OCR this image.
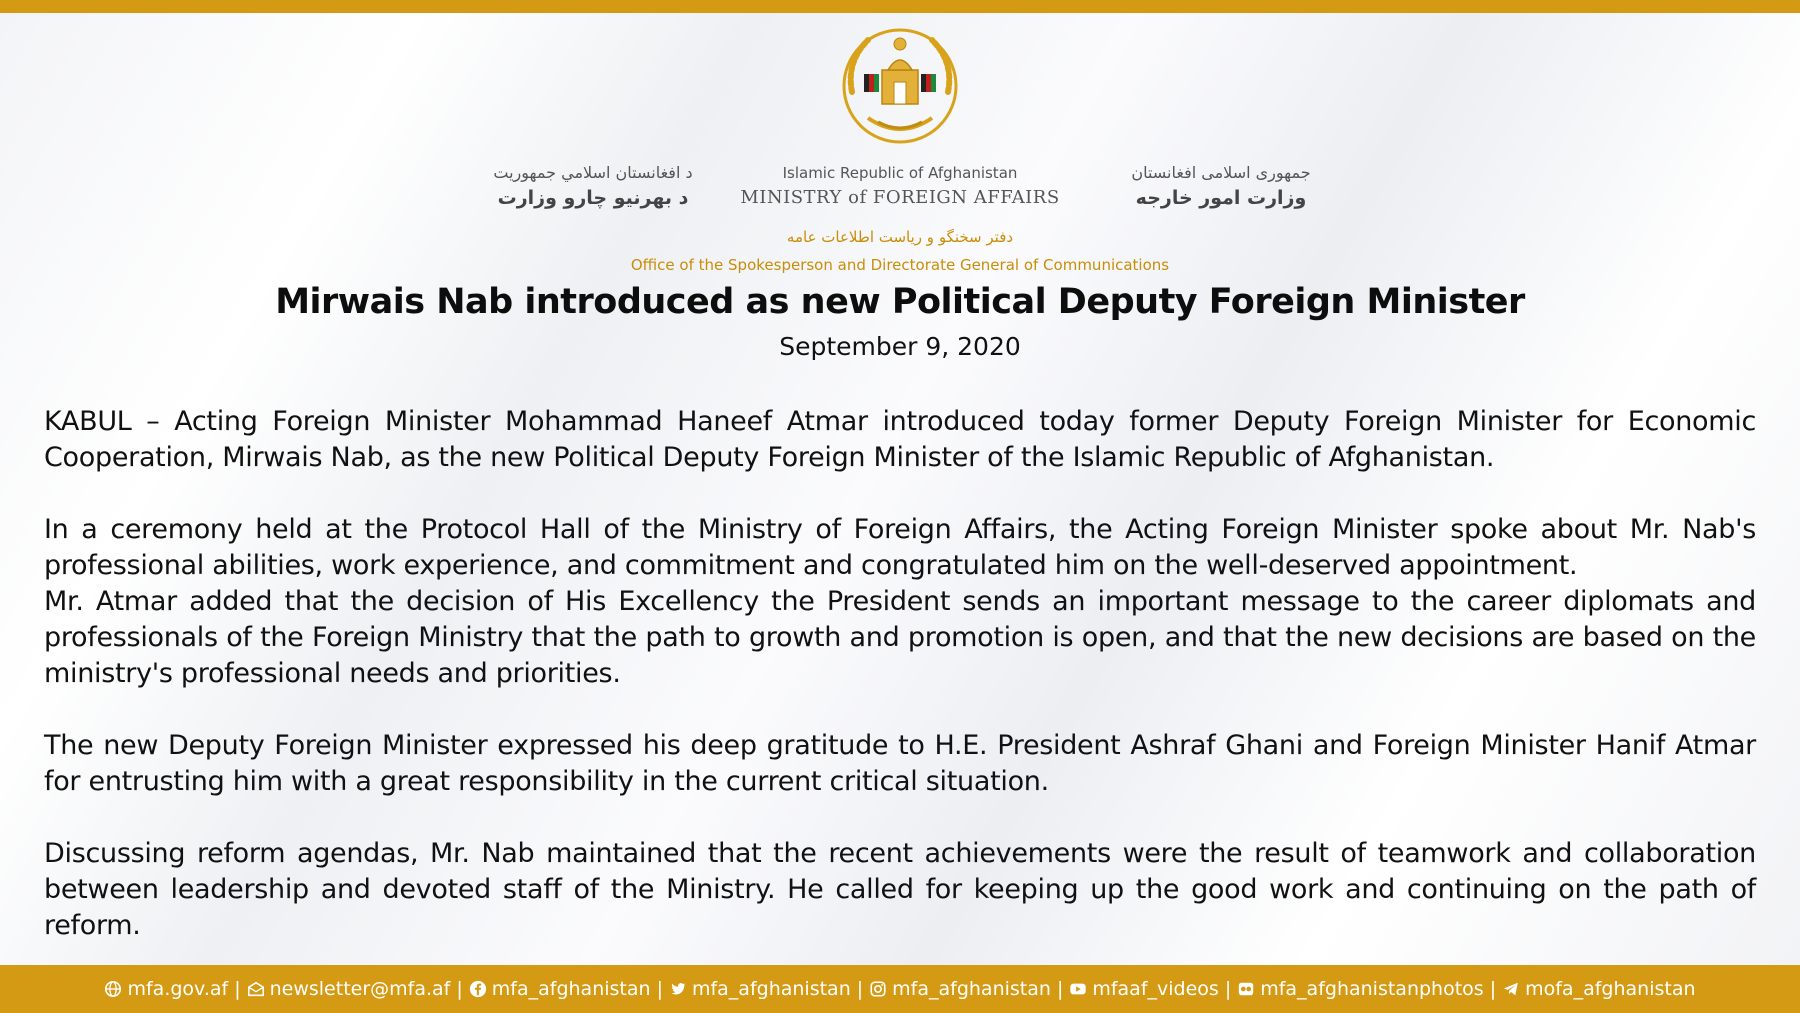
د افغانستان اسلامي جمهوریت
د بهرنیو چارو وزارت
Islamic Republic of Afghanistan
MINISTRY of FOREIGN AFFAIRS
جمهوری اسلامی افغانستان
وزارت امور خارجه
دفتر سخنگو و ریاست اطلاعات عامه
Office of the Spokesperson and Directorate General of Communications
Mirwais Nab introduced as new Political Deputy Foreign Minister
September 9, 2020

KABUL – Acting Foreign Minister Mohammad Haneef Atmar introduced today former Deputy Foreign Minister for Economic Cooperation, Mirwais Nab, as the new Political Deputy Foreign Minister of the Islamic Republic of Afghanistan.

In a ceremony held at the Protocol Hall of the Ministry of Foreign Affairs, the Acting Foreign Minister spoke about Mr. Nab's professional abilities, work experience, and commitment and congratulated him on the well-deserved appointment.
Mr. Atmar added that the decision of His Excellency the President sends an important message to the career diplomats and professionals of the Foreign Ministry that the path to growth and promotion is open, and that the new decisions are based on the ministry's professional needs and priorities.

The new Deputy Foreign Minister expressed his deep gratitude to H.E. President Ashraf Ghani and Foreign Minister Hanif Atmar for entrusting him with a great responsibility in the current critical situation.

Discussing reform agendas, Mr. Nab maintained that the recent achievements were the result of teamwork and collaboration between leadership and devoted staff of the Ministry. He called for keeping up the good work and continuing on the path of reform.

mfa.gov.af | newsletter@mfa.af | mfa_afghanistan | mfa_afghanistan | mfa_afghanistan | mfaaf_videos | mfa_afghanistanphotos | mofa_afghanistan
